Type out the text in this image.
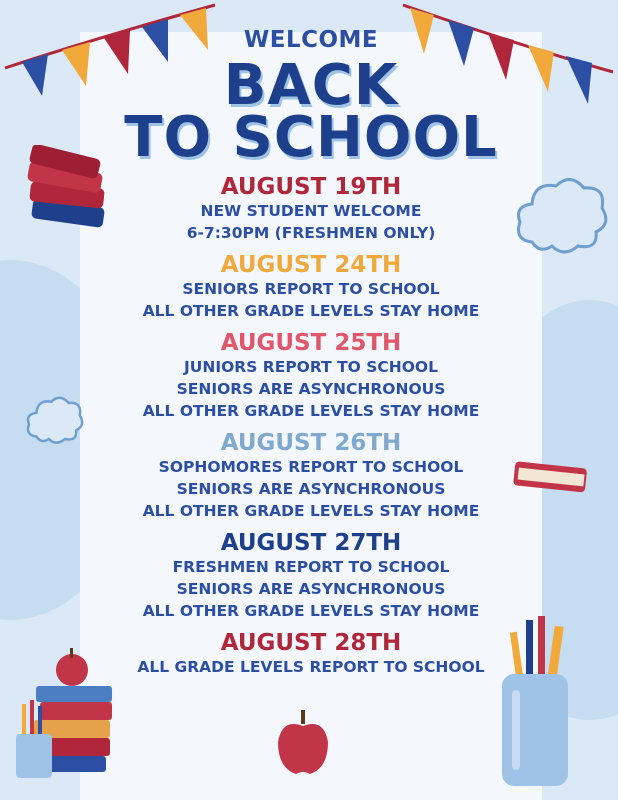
WELCOME

BACK

TO SCHOOL

AUGUST 19TH

NEW STUDENT WELCOME

6-7:30PM (FRESHMEN ONLY)

AUGUST 24TH

SENIORS REPORT TO SCHOOL

ALL OTHER GRADE LEVELS STAY HOME

AUGUST 25TH

JUNIORS REPORT TO SCHOOL

SENIORS ARE ASYNCHRONOUS

ALL OTHER GRADE LEVELS STAY HOME

AUGUST 26TH

SOPHOMORES REPORT TO SCHOOL

SENIORS ARE ASYNCHRONOUS

ALL OTHER GRADE LEVELS STAY HOME

AUGUST 27TH

FRESHMEN REPORT TO SCHOOL

SENIORS ARE ASYNCHRONOUS

ALL OTHER GRADE LEVELS STAY HOME

AUGUST 28TH

ALL GRADE LEVELS REPORT TO SCHOOL
